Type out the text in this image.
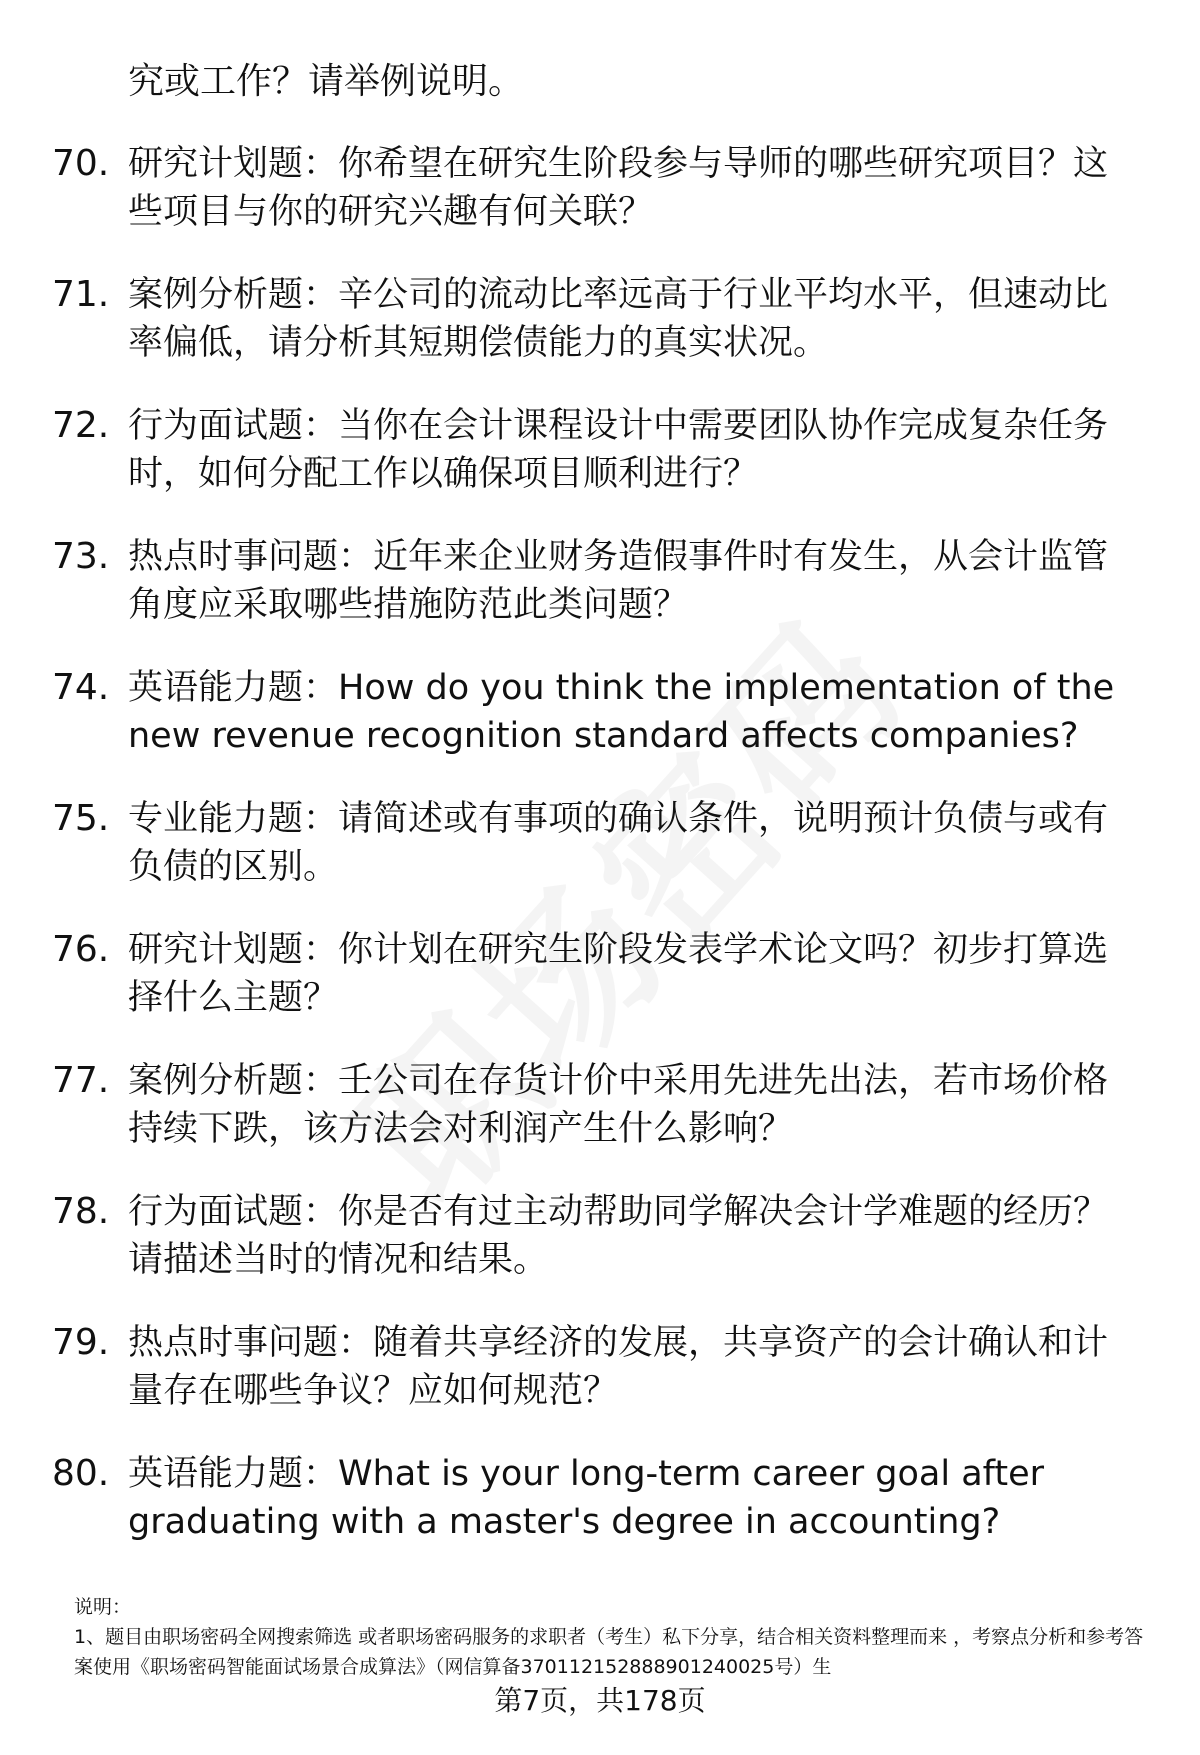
究或工作？请举例说明。

70. 研究计划题：你希望在研究生阶段参与导师的哪些研究项目？这些项目与你的研究兴趣有何关联？

71. 案例分析题：辛公司的流动比率远高于行业平均水平，但速动比率偏低，请分析其短期偿债能力的真实状况。

72. 行为面试题：当你在会计课程设计中需要团队协作完成复杂任务时，如何分配工作以确保项目顺利进行？

73. 热点时事问题：近年来企业财务造假事件时有发生，从会计监管角度应采取哪些措施防范此类问题？

74. 英语能力题：How do you think the implementation of the new revenue recognition standard affects companies?

75. 专业能力题：请简述或有事项的确认条件，说明预计负债与或有负债的区别。

76. 研究计划题：你计划在研究生阶段发表学术论文吗？初步打算选择什么主题？

77. 案例分析题：壬公司在存货计价中采用先进先出法，若市场价格持续下跌，该方法会对利润产生什么影响？

78. 行为面试题：你是否有过主动帮助同学解决会计学难题的经历？请描述当时的情况和结果。

79. 热点时事问题：随着共享经济的发展，共享资产的会计确认和计量存在哪些争议？应如何规范？

80. 英语能力题：What is your long-term career goal after graduating with a master's degree in accounting?

说明：
1、题目由职场密码全网搜索筛选 或者职场密码服务的求职者（考生）私下分享，结合相关资料整理而来 ，考察点分析和参考答案使用《职场密码智能面试场景合成算法》（网信算备370112152888901240025号）生
第7页，共178页
